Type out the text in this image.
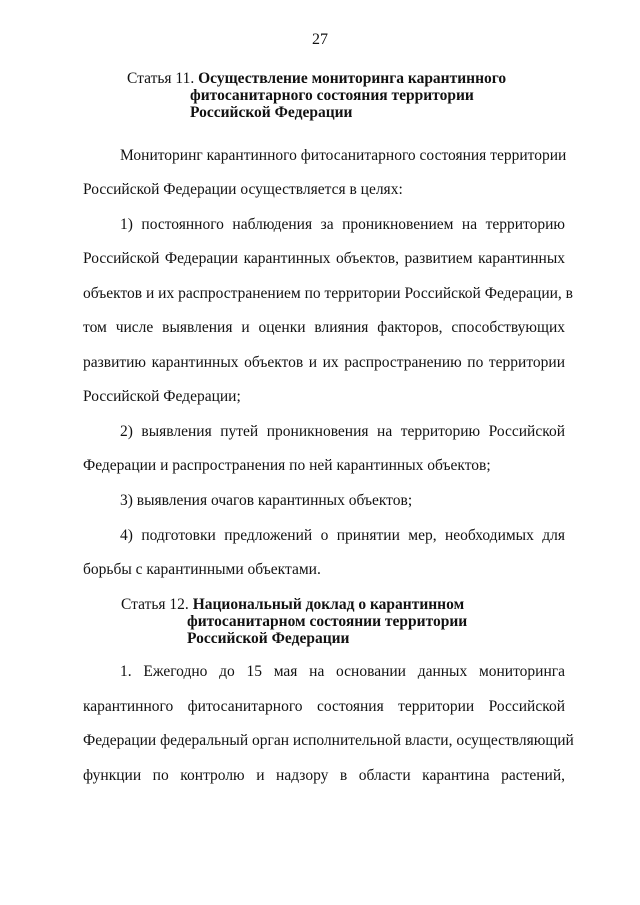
27
Статья 11. Осуществление мониторинга карантинного
фитосанитарного состояния территории
Российской Федерации
Мониторинг карантинного фитосанитарного состояния территории
Российской Федерации осуществляется в целях:
1) постоянного наблюдения за проникновением на территорию
Российской Федерации карантинных объектов, развитием карантинных
объектов и их распространением по территории Российской Федерации, в
том числе выявления и оценки влияния факторов, способствующих
развитию карантинных объектов и их распространению по территории
Российской Федерации;
2) выявления путей проникновения на территорию Российской
Федерации и распространения по ней карантинных объектов;
3) выявления очагов карантинных объектов;
4) подготовки предложений о принятии мер, необходимых для
борьбы с карантинными объектами.
Статья 12. Национальный доклад о карантинном
фитосанитарном состоянии территории
Российской Федерации
1. Ежегодно до 15 мая на основании данных мониторинга
карантинного фитосанитарного состояния территории Российской
Федерации федеральный орган исполнительной власти, осуществляющий
функции по контролю и надзору в области карантина растений,
